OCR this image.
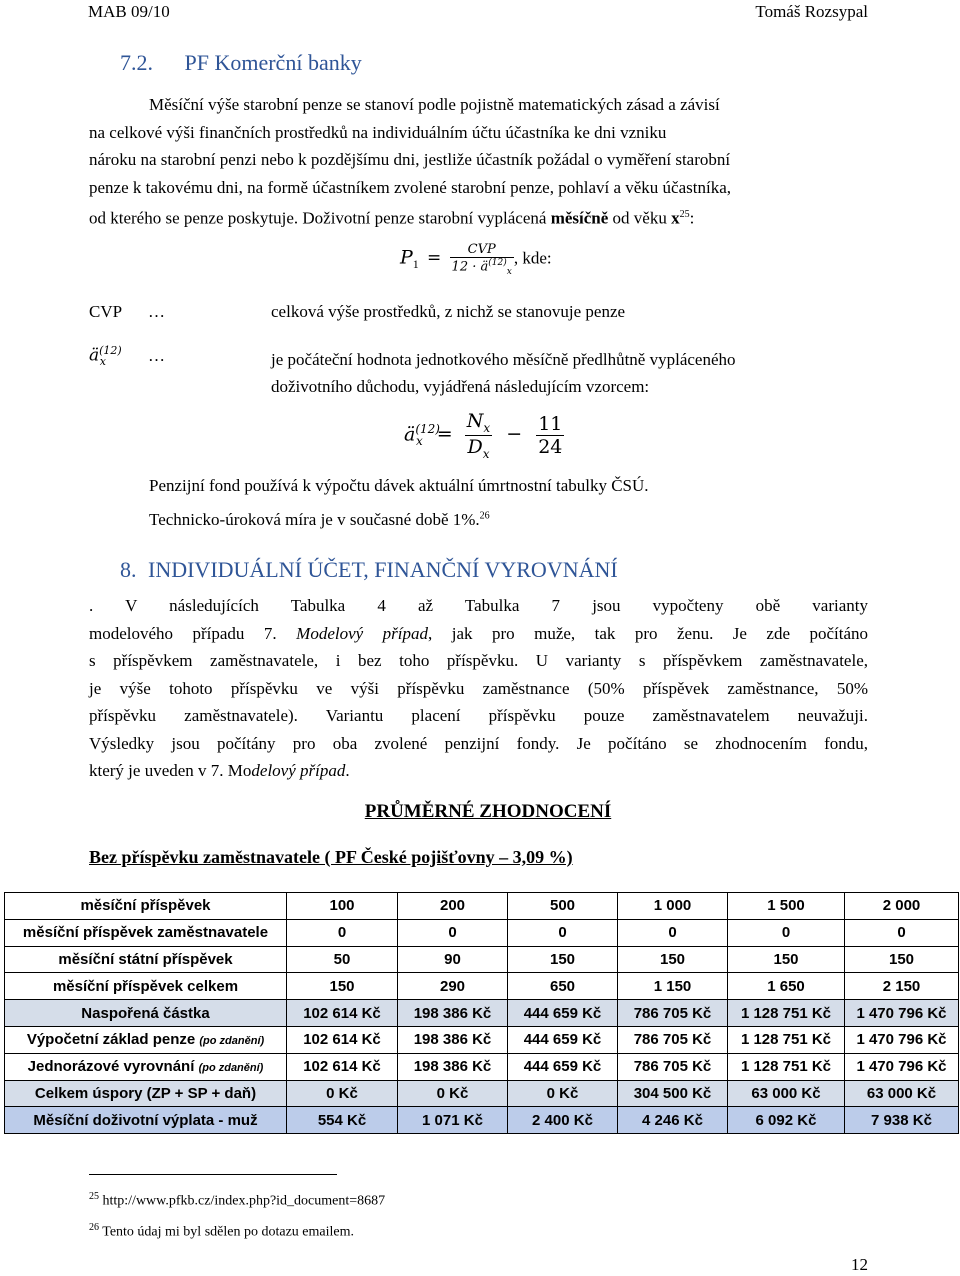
MAB 09/10	Tomáš Rozsypal
7.2. PF Komerční banky
Měsíční výše starobní penze se stanoví podle pojistně matematických zásad a závisí
na celkové výši finančních prostředků na individuálním účtu účastníka ke dni vzniku
nároku na starobní penzi nebo k pozdějšímu dni, jestliže účastník požádal o vyměření starobní
penze k takovému dni, na formě účastníkem zvolené starobní penze, pohlaví a věku účastníka,
od kterého se penze poskytuje. Doživotní penze starobní vyplácená měsíčně od věku $x^{25}$:
$P_1 = \frac{\text{CVP}}{12 \cdot ä^{(12)}_x}$ , kde:
CVP …	celková výše prostředků, z nichž se stanovuje penze
$ä^{(12)}_x$ …	je počáteční hodnota jednotkového měsíčně předlhůtně vypláceného
doživotního důchodu, vyjádřená následujícím vzorcem:
$ä^{(12)}_x = \frac{N_x}{D_x} - \frac{11}{24}$
Penzijní fond používá k výpočtu dávek aktuální úmrtnostní tabulky ČSÚ.
Technicko-úroková míra je v současné době 1%.$^{26}$
8. INDIVIDUÁLNÍ ÚČET, FINANČNÍ VYROVNÁNÍ
. V následujících Tabulka 4 až Tabulka 7 jsou vypočteny obě varianty
modelového případu 7. Modelový případ, jak pro muže, tak pro ženu. Je zde počítáno
s příspěvkem zaměstnavatele, i bez toho příspěvku. U varianty s příspěvkem zaměstnavatele,
je výše tohoto příspěvku ve výši příspěvku zaměstnance (50% příspěvek zaměstnance, 50%
příspěvku zaměstnavatele). Variantu placení příspěvku pouze zaměstnavatelem neuvažuji.
Výsledky jsou počítány pro oba zvolené penzijní fondy. Je počítáno se zhodnocením fondu,
který je uveden v 7. Modelový případ.
PRŮMĚRNÉ ZHODNOCENÍ
Bez příspěvku zaměstnavatele ( PF České pojišťovny – 3,09 %)
měsíční příspěvek	100	200	500	1 000	1 500	2 000
měsíční příspěvek zaměstnavatele	0	0	0	0	0	0
měsíční státní příspěvek	50	90	150	150	150	150
měsíční příspěvek celkem	150	290	650	1 150	1 650	2 150
Naspořená částka	102 614 Kč	198 386 Kč	444 659 Kč	786 705 Kč	1 128 751 Kč	1 470 796 Kč
Výpočetní základ penze (po zdanění)	102 614 Kč	198 386 Kč	444 659 Kč	786 705 Kč	1 128 751 Kč	1 470 796 Kč
Jednorázové vyrovnání (po zdanění)	102 614 Kč	198 386 Kč	444 659 Kč	786 705 Kč	1 128 751 Kč	1 470 796 Kč
Celkem úspory (ZP + SP + daň)	0 Kč	0 Kč	0 Kč	304 500 Kč	63 000 Kč	63 000 Kč
Měsíční doživotní výplata - muž	554 Kč	1 071 Kč	2 400 Kč	4 246 Kč	6 092 Kč	7 938 Kč
$^{25}$ http://www.pfkb.cz/index.php?id_document=8687
$^{26}$ Tento údaj mi byl sdělen po dotazu emailem.
12
